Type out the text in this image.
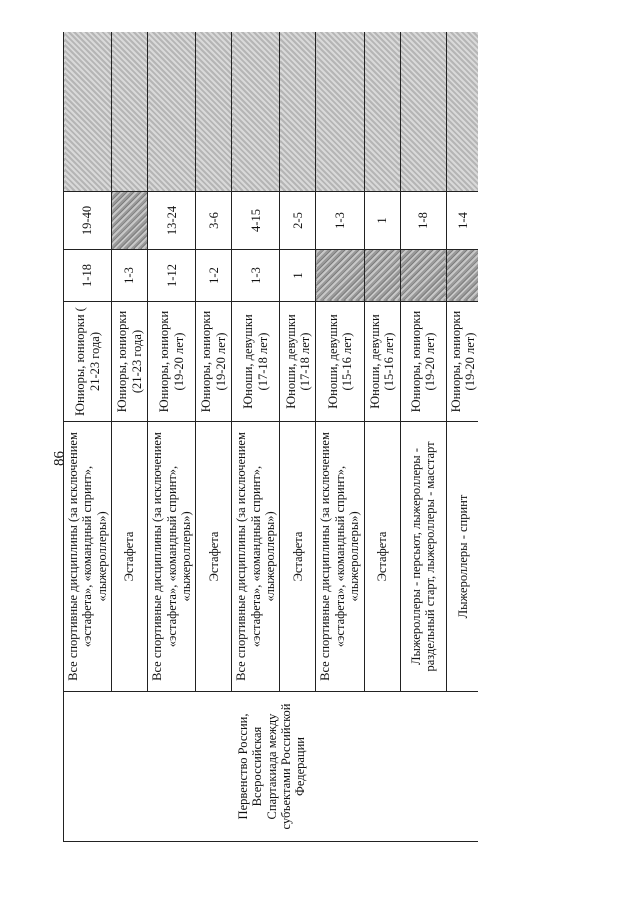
86
Первенство России, Всероссийская Спартакиада между субъектами Российской Федерации	Все спортивные дисциплины (за исключением «эстафета», «командный спринт», «лыжероллеры»)	Юниоры, юниорки ( 21-23 года)	1-18	19-40	
	Эстафета	Юниоры, юниорки (21-23 года)	1-3		
	Все спортивные дисциплины (за исключением «эстафета», «командный спринт», «лыжероллеры»)	Юниоры, юниорки (19-20 лет)	1-12	13-24	
	Эстафета	Юниоры, юниорки (19-20 лет)	1-2	3-6	
	Все спортивные дисциплины (за исключением «эстафета», «командный спринт», «лыжероллеры»)	Юноши, девушки (17-18 лет)	1-3	4-15	
	Эстафета	Юноши, девушки (17-18 лет)	1	2-5	
	Все спортивные дисциплины (за исключением «эстафета», «командный спринт», «лыжероллеры»)	Юноши, девушки (15-16 лет)		1-3	
	Эстафета	Юноши, девушки (15-16 лет)		1	
	Лыжероллеры - персьют, лыжероллеры - раздельный старт, лыжероллеры - масстарт	Юниоры, юниорки (19-20 лет)		1-8	
	Лыжероллеры - спринт	Юниоры, юниорки (19-20 лет)		1-4	
